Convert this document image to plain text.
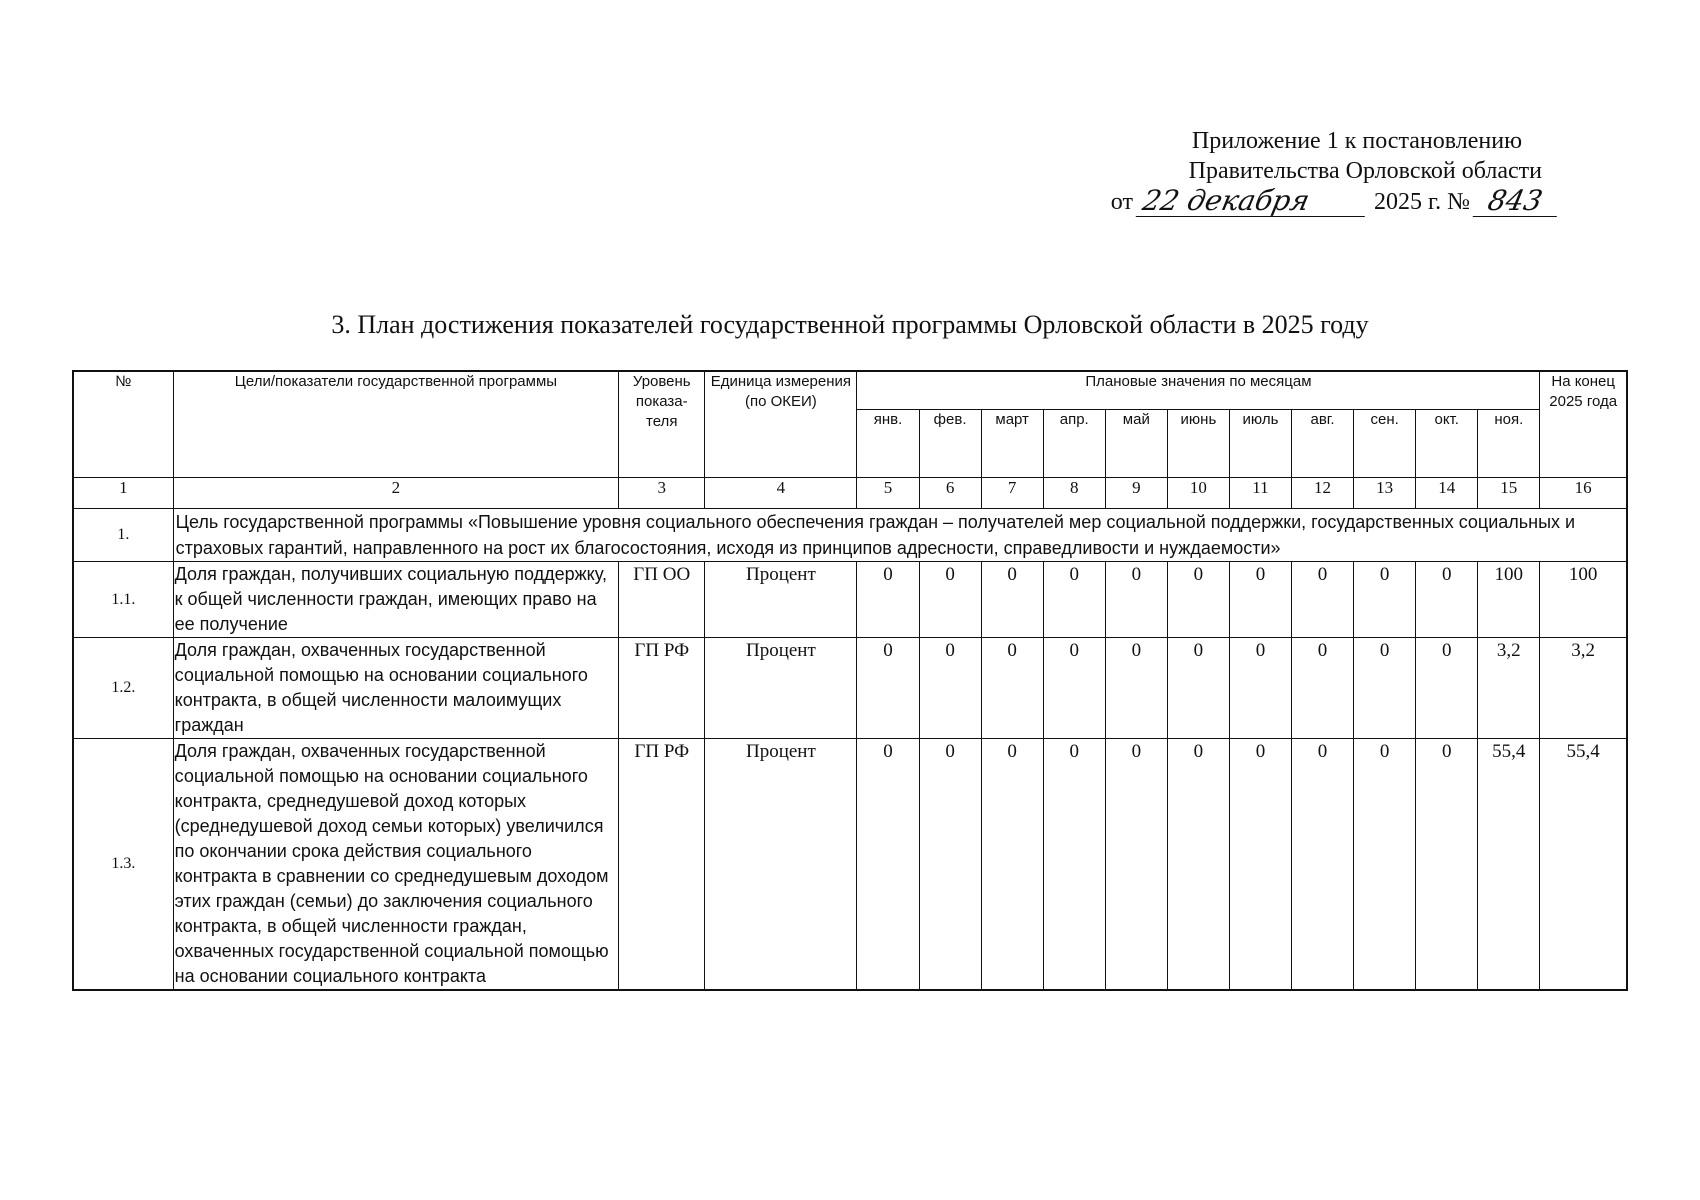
Приложение 1 к постановлению
Правительства Орловской области
от 22 декабря	2025 г. № 843
3. План достижения показателей государственной программы Орловской области в 2025 году
№	Цели/показатели государственной программы	Уровень показа-теля	Единица измерения (по ОКЕИ)	Плановые значения по месяцам											На конец 2025 года
				янв.	фев.	март	апр.	май	июнь	июль	авг.	сен.	окт.	ноя.	
1	2	3	4	5	6	7	8	9	10	11	12	13	14	15	16
1.	Цель государственной программы «Повышение уровня социального обеспечения граждан – получателей мер социальной поддержки, государственных социальных и страховых гарантий, направленного на рост их благосостояния, исходя из принципов адресности, справедливости и нуждаемости»														
1.1.	Доля граждан, получивших социальную поддержку, к общей численности граждан, имеющих право на ее получение	ГП ОО	Процент	0	0	0	0	0	0	0	0	0	0	100	100
1.2.	Доля граждан, охваченных государственной социальной помощью на основании социального контракта, в общей численности малоимущих граждан	ГП РФ	Процент	0	0	0	0	0	0	0	0	0	0	3,2	3,2
1.3.	Доля граждан, охваченных государственной социальной помощью на основании социального контракта, среднедушевой доход которых (среднедушевой доход семьи которых) увеличился по окончании срока действия социального контракта в сравнении со среднедушевым доходом этих граждан (семьи) до заключения социального контракта, в общей численности граждан, охваченных государственной социальной помощью на основании социального контракта	ГП РФ	Процент	0	0	0	0	0	0	0	0	0	0	55,4	55,4
